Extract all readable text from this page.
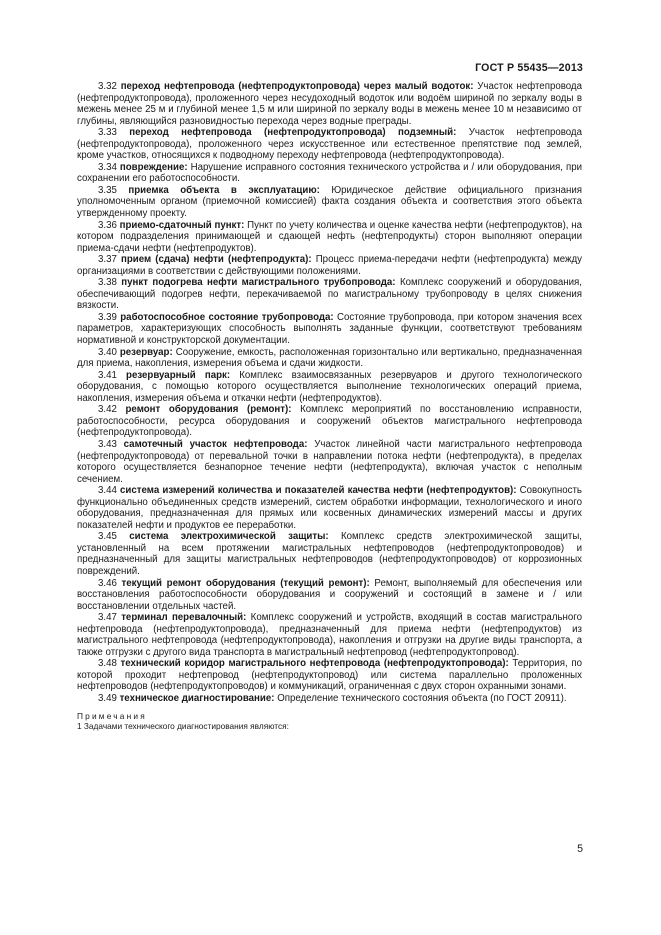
ГОСТ Р 55435—2013

3.32 переход нефтепровода (нефтепродуктопровода) через малый водоток: Участок нефтепровода (нефтепродуктопровода), проложенного через несудоходный водоток или водоём шириной по зеркалу воды в межень менее 25 м и глубиной менее 1,5 м или шириной по зеркалу воды в межень менее 10 м независимо от глубины, являющийся разновидностью перехода через водные преграды.

3.33 переход нефтепровода (нефтепродуктопровода) подземный: Участок нефтепровода (нефтепродуктопровода), проложенного через искусственное или естественное препятствие под землей, кроме участков, относящихся к подводному переходу нефтепровода (нефтепродуктопровода).

3.34 повреждение: Нарушение исправного состояния технического устройства и / или оборудования, при сохранении его работоспособности.

3.35 приемка объекта в эксплуатацию: Юридическое действие официального признания уполномоченным органом (приемочной комиссией) факта создания объекта и соответствия этого объекта утвержденному проекту.

3.36 приемо-сдаточный пункт: Пункт по учету количества и оценке качества нефти (нефтепродуктов), на котором подразделения принимающей и сдающей нефть (нефтепродукты) сторон выполняют операции приема-сдачи нефти (нефтепродуктов).

3.37 прием (сдача) нефти (нефтепродукта): Процесс приема-передачи нефти (нефтепродукта) между организациями в соответствии с действующими положениями.

3.38 пункт подогрева нефти магистрального трубопровода: Комплекс сооружений и оборудования, обеспечивающий подогрев нефти, перекачиваемой по магистральному трубопроводу в целях снижения вязкости.

3.39 работоспособное состояние трубопровода: Состояние трубопровода, при котором значения всех параметров, характеризующих способность выполнять заданные функции, соответствуют требованиям нормативной и конструкторской документации.

3.40 резервуар: Сооружение, емкость, расположенная горизонтально или вертикально, предназначенная для приема, накопления, измерения объема и сдачи жидкости.

3.41 резервуарный парк: Комплекс взаимосвязанных резервуаров и другого технологического оборудования, с помощью которого осуществляется выполнение технологических операций приема, накопления, измерения объема и откачки нефти (нефтепродуктов).

3.42 ремонт оборудования (ремонт): Комплекс мероприятий по восстановлению исправности, работоспособности, ресурса оборудования и сооружений объектов магистрального нефтепровода (нефтепродуктопровода).

3.43 самотечный участок нефтепровода: Участок линейной части магистрального нефтепровода (нефтепродуктопровода) от перевальной точки в направлении потока нефти (нефтепродукта), в пределах которого осуществляется безнапорное течение нефти (нефтепродукта), включая участок с неполным сечением.

3.44 система измерений количества и показателей качества нефти (нефтепродуктов): Совокупность функционально объединенных средств измерений, систем обработки информации, технологического и иного оборудования, предназначенная для прямых или косвенных динамических измерений массы и других показателей нефти и продуктов ее переработки.

3.45 система электрохимической защиты: Комплекс средств электрохимической защиты, установленный на всем протяжении магистральных нефтепроводов (нефтепродуктопроводов) и предназначенный для защиты магистральных нефтепроводов (нефтепродуктопроводов) от коррозионных повреждений.

3.46 текущий ремонт оборудования (текущий ремонт): Ремонт, выполняемый для обеспечения или восстановления работоспособности оборудования и сооружений и состоящий в замене и / или восстановлении отдельных частей.

3.47 терминал перевалочный: Комплекс сооружений и устройств, входящий в состав магистрального нефтепровода (нефтепродуктопровода), предназначенный для приема нефти (нефтепродуктов) из магистрального нефтепровода (нефтепродуктопровода), накопления и отгрузки на другие виды транспорта, а также отгрузки с другого вида транспорта в магистральный нефтепровод (нефтепродуктопровод).

3.48 технический коридор магистрального нефтепровода (нефтепродуктопровода): Территория, по которой проходит нефтепровод (нефтепродуктопровод) или система параллельно проложенных нефтепроводов (нефтепродуктопроводов) и коммуникаций, ограниченная с двух сторон охранными зонами.

3.49 техническое диагностирование: Определение технического состояния объекта (по ГОСТ 20911).

Примечания

1 Задачами технического диагностирования являются:

5
